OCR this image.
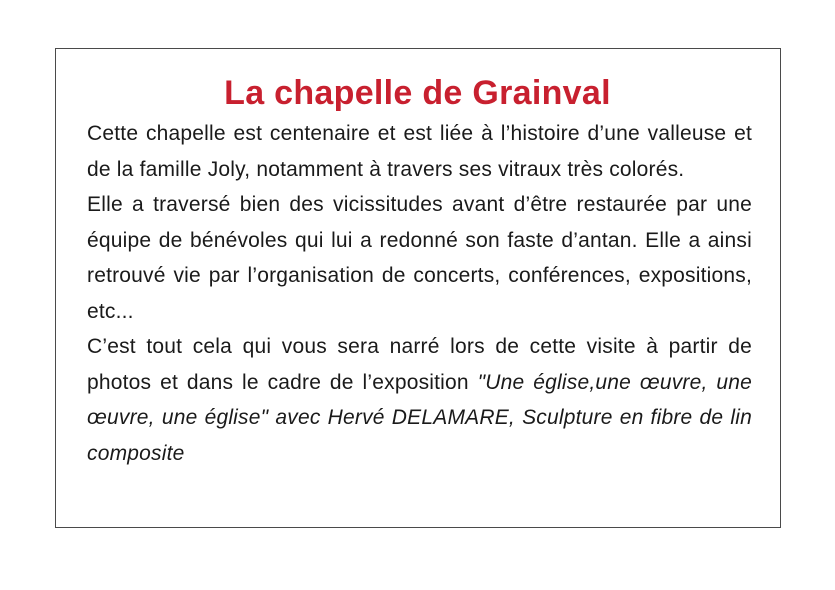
La chapelle de Grainval

Cette chapelle est centenaire et est liée à l’histoire d’une valleuse et de la famille Joly, notamment à travers ses vitraux très colorés.

Elle a traversé bien des vicissitudes avant d’être restaurée par une équipe de bénévoles qui lui a redonné son faste d’antan. Elle a ainsi retrouvé vie par l’organisation de concerts, conférences, expositions, etc...

C’est tout cela qui vous sera narré lors de cette visite à partir de photos et dans le cadre de l’exposition "Une église,une œuvre, une œuvre, une église" avec Hervé DELAMARE, Sculpture en fibre de lin composite
